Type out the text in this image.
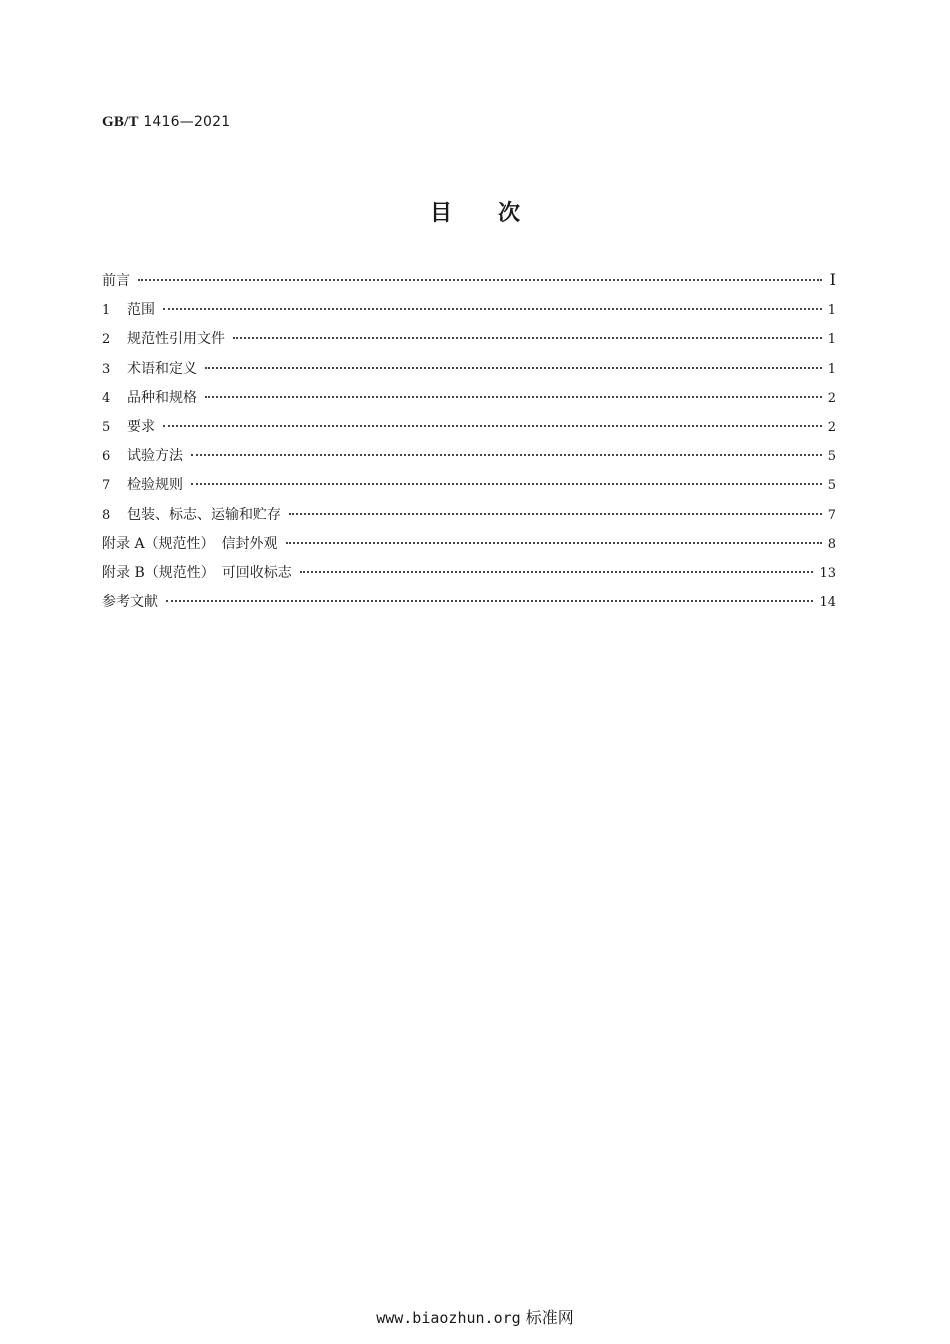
GB/T 1416—2021
目 次
前言	Ⅰ
1	范围	1
2	规范性引用文件	1
3	术语和定义	1
4	品种和规格	2
5	要求	2
6	试验方法	5
7	检验规则	5
8	包装、标志、运输和贮存	7
附录 A（规范性）　信封外观	8
附录 B（规范性）　可回收标志	13
参考文献	14
www.biaozhun.org 标准网
